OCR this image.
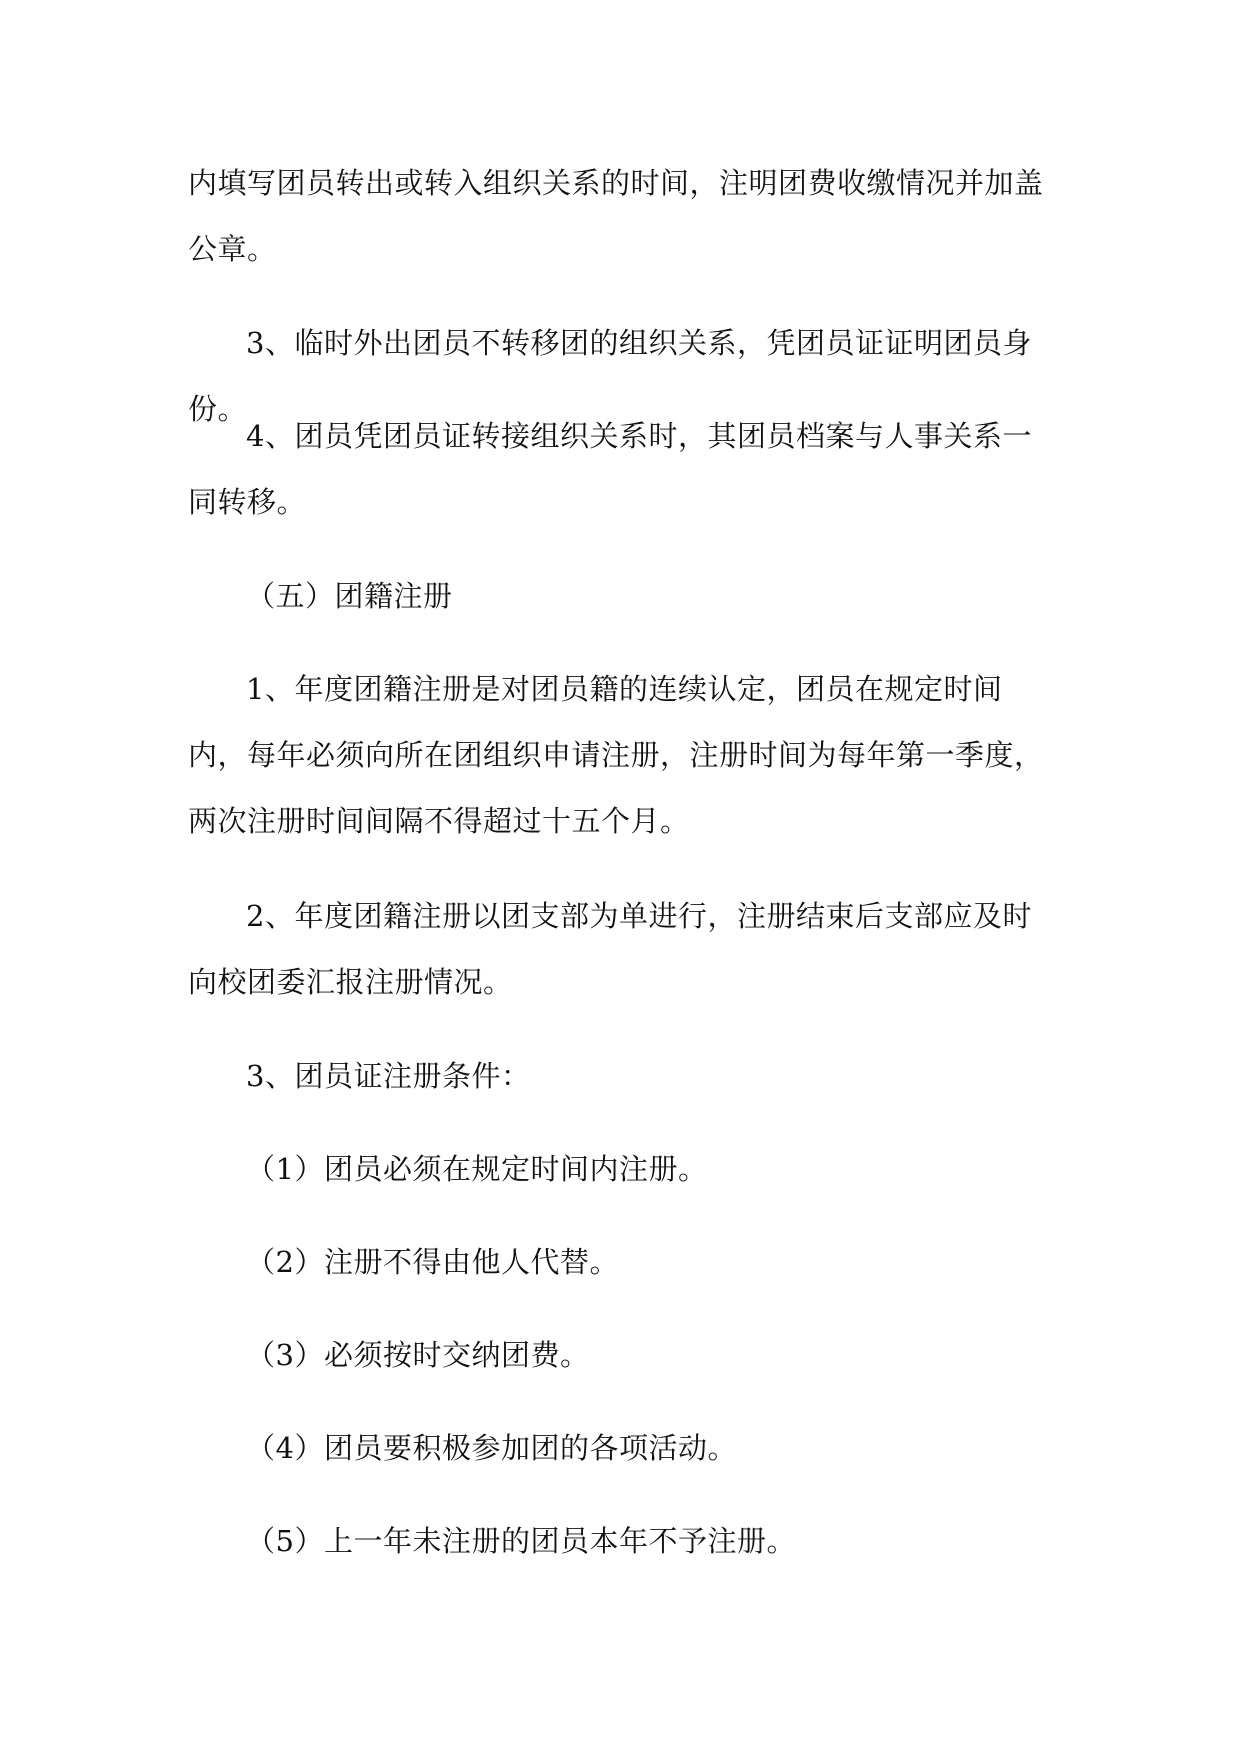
内填写团员转出或转入组织关系的时间，注明团费收缴情况并加盖公章。

3、临时外出团员不转移团的组织关系，凭团员证证明团员身份。

4、团员凭团员证转接组织关系时，其团员档案与人事关系一同转移。

（五）团籍注册

1、年度团籍注册是对团员籍的连续认定，团员在规定时间内，每年必须向所在团组织申请注册，注册时间为每年第一季度，两次注册时间间隔不得超过十五个月。

2、年度团籍注册以团支部为单进行，注册结束后支部应及时向校团委汇报注册情况。

3、团员证注册条件：

（1）团员必须在规定时间内注册。

（2）注册不得由他人代替。

（3）必须按时交纳团费。

（4）团员要积极参加团的各项活动。

（5）上一年未注册的团员本年不予注册。
